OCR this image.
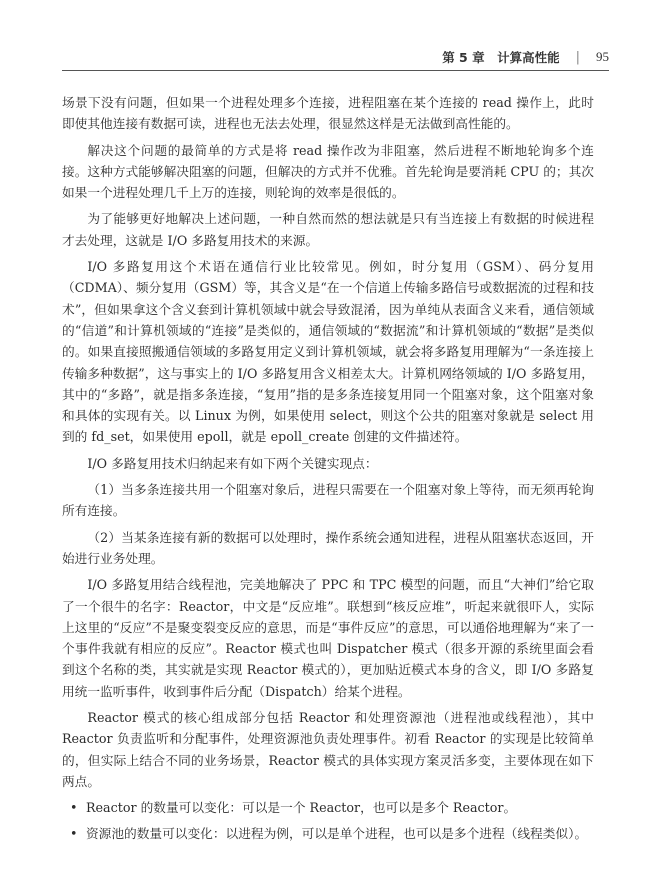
第 5 章　计算高性能 | 95

场景下没有问题，但如果一个进程处理多个连接，进程阻塞在某个连接的 read 操作上，此时即使其他连接有数据可读，进程也无法去处理，很显然这样是无法做到高性能的。

解决这个问题的最简单的方式是将 read 操作改为非阻塞，然后进程不断地轮询多个连接。这种方式能够解决阻塞的问题，但解决的方式并不优雅。首先轮询是要消耗 CPU 的；其次如果一个进程处理几千上万的连接，则轮询的效率是很低的。

为了能够更好地解决上述问题，一种自然而然的想法就是只有当连接上有数据的时候进程才去处理，这就是 I/O 多路复用技术的来源。

I/O 多路复用这个术语在通信行业比较常见。例如，时分复用（GSM）、码分复用（CDMA）、频分复用（GSM）等，其含义是“在一个信道上传输多路信号或数据流的过程和技术”，但如果拿这个含义套到计算机领域中就会导致混淆，因为单纯从表面含义来看，通信领域的“信道”和计算机领域的“连接”是类似的，通信领域的“数据流”和计算机领域的“数据”是类似的。如果直接照搬通信领域的多路复用定义到计算机领域，就会将多路复用理解为“一条连接上传输多种数据”，这与事实上的 I/O 多路复用含义相差太大。计算机网络领域的 I/O 多路复用，其中的“多路”，就是指多条连接，“复用”指的是多条连接复用同一个阻塞对象，这个阻塞对象和具体的实现有关。以 Linux 为例，如果使用 select，则这个公共的阻塞对象就是 select 用到的 fd_set，如果使用 epoll，就是 epoll_create 创建的文件描述符。

I/O 多路复用技术归纳起来有如下两个关键实现点：

（1）当多条连接共用一个阻塞对象后，进程只需要在一个阻塞对象上等待，而无须再轮询所有连接。

（2）当某条连接有新的数据可以处理时，操作系统会通知进程，进程从阻塞状态返回，开始进行业务处理。

I/O 多路复用结合线程池，完美地解决了 PPC 和 TPC 模型的问题，而且“大神们”给它取了一个很牛的名字：Reactor，中文是“反应堆”。联想到“核反应堆”，听起来就很吓人，实际上这里的“反应”不是聚变裂变反应的意思，而是“事件反应”的意思，可以通俗地理解为“来了一个事件我就有相应的反应”。Reactor 模式也叫 Dispatcher 模式（很多开源的系统里面会看到这个名称的类，其实就是实现 Reactor 模式的），更加贴近模式本身的含义，即 I/O 多路复用统一监听事件，收到事件后分配（Dispatch）给某个进程。

Reactor 模式的核心组成部分包括 Reactor 和处理资源池（进程池或线程池），其中 Reactor 负责监听和分配事件，处理资源池负责处理事件。初看 Reactor 的实现是比较简单的，但实际上结合不同的业务场景，Reactor 模式的具体实现方案灵活多变，主要体现在如下两点。

• Reactor 的数量可以变化：可以是一个 Reactor，也可以是多个 Reactor。
• 资源池的数量可以变化：以进程为例，可以是单个进程，也可以是多个进程（线程类似）。
